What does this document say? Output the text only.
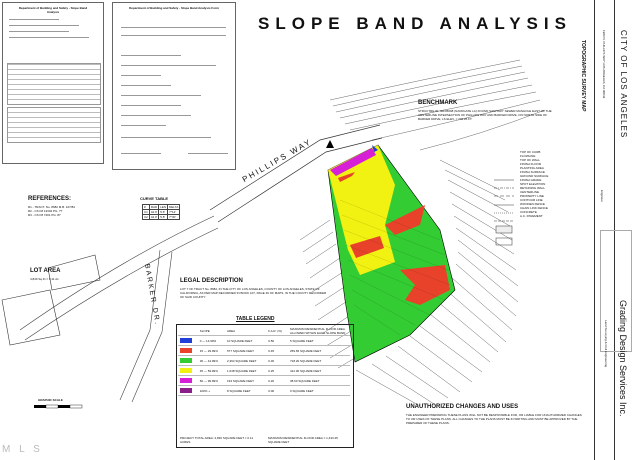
Department of Building and Safety - Slope Band Analysis
Department of Building and Safety - Slope Band Analysis Form
SLOPE BAND ANALYSIS
PHILLIPS WAY
BARKER DR.
REFERENCES:
R1 - TRACT. No. 8682 M.B. 107/84
R2 - CS F8 13304 PG. ??
R3 - CS F8 7401 PG. 87
CURVE TABLE
#	RAD	LEN	DELTA
C1	44.0'	5.6'	7°12'
C2	44.0'	5.8'	7°30'
LOT AREA
4,840 Sq.Ft = 0.11 Ac
BENCHMARK
STRUCTRE ID: 40F05008 (NAVDGATE LA) FOUND SANITARY SEWER MANHOLE EAST OF THE CENTERLINE INTERSECTION OF PHILLIPS WAY AND BARKER DRIVE, ON NORTH SIDE OF BARKER DRIVE, LS ELEV. = 746.25 FT.
TOP OF CURB
FLOWLINE
TOP OF WALL
FINISH FLOOR
PLANTING AREA
FINISH SURFACE
GROUND SURFACE
FINISH GRADE
SPOT ELEVATION
RETAINING WALL
CENTERLINE
PROPERTY LINE
CONTOUR LINE
WOODEN FENCE
CHAIN LINK FENCE
CONCRETE
A.C. PAVEMENT
LEGAL DESCRIPTION
LOT 7 OF TRACT No. 8682, IN THE CITY OF LOS ANGELES, COUNTY OF LOS ANGELES, STATE OF CALIFORNIA, AS PER MAP RECORDED IN BOOK 107, PAGE 46 OF MAPS, IN THE COUNTY RECORDER OF SAID COUNTY.
TABLE LEGEND
	SLOPE	AREA	F.A.R. (%)	MAXIMUM RESIDENTIAL FLOOR AREA ALLOWED WITHIN EACH SLOPE BAND
	0 — 14.99%	10 SQUARE FEET	0.50	5 SQUARE FEET
	15 — 29.99%	577 SQUARE FEET	0.45	259.65 SQUARE FEET
	30 — 44.99%	2,394 SQUARE FEET	0.30	718.20 SQUARE FEET
	45 — 59.99%	1,648 SQUARE FEET	0.25	412.00 SQUARE FEET
	60 — 99.99%	193 SQUARE FEET	0.20	38.60 SQUARE FEET
	100% +	8 SQUARE FEET	0.00	0 SQUARE FEET
PROJECT TOTAL AREA: 4,830 SQUARE FEET = 0.11 ACRES
MAXIMUM RESIDENTIAL FLOOR AREA = 1,433.45 SQUARE FEET
GRAPHIC SCALE
UNAUTHORIZED CHANGES AND USES
THE ENGINEER PREPARING THESE PLANS WILL NOT BE RESPONSIBLE FOR, OR LIABLE FOR UNAUTHORIZED CHANGES TO OR USES OF THESE PLANS. ALL CHANGES TO THE PLANS MUST BE IN WRITING AND MUST BE APPROVED BY THE PREPARER OF THESE PLANS.
TOPOGRAPHIC SURVEY MAP	1906 N. PHILLIPS WAY LOS ANGELES, CA 90042 CITY OF LOS ANGELES
Engineer
Grading Design Services Inc.
Land Surveying & Civil Engineering
M L S
